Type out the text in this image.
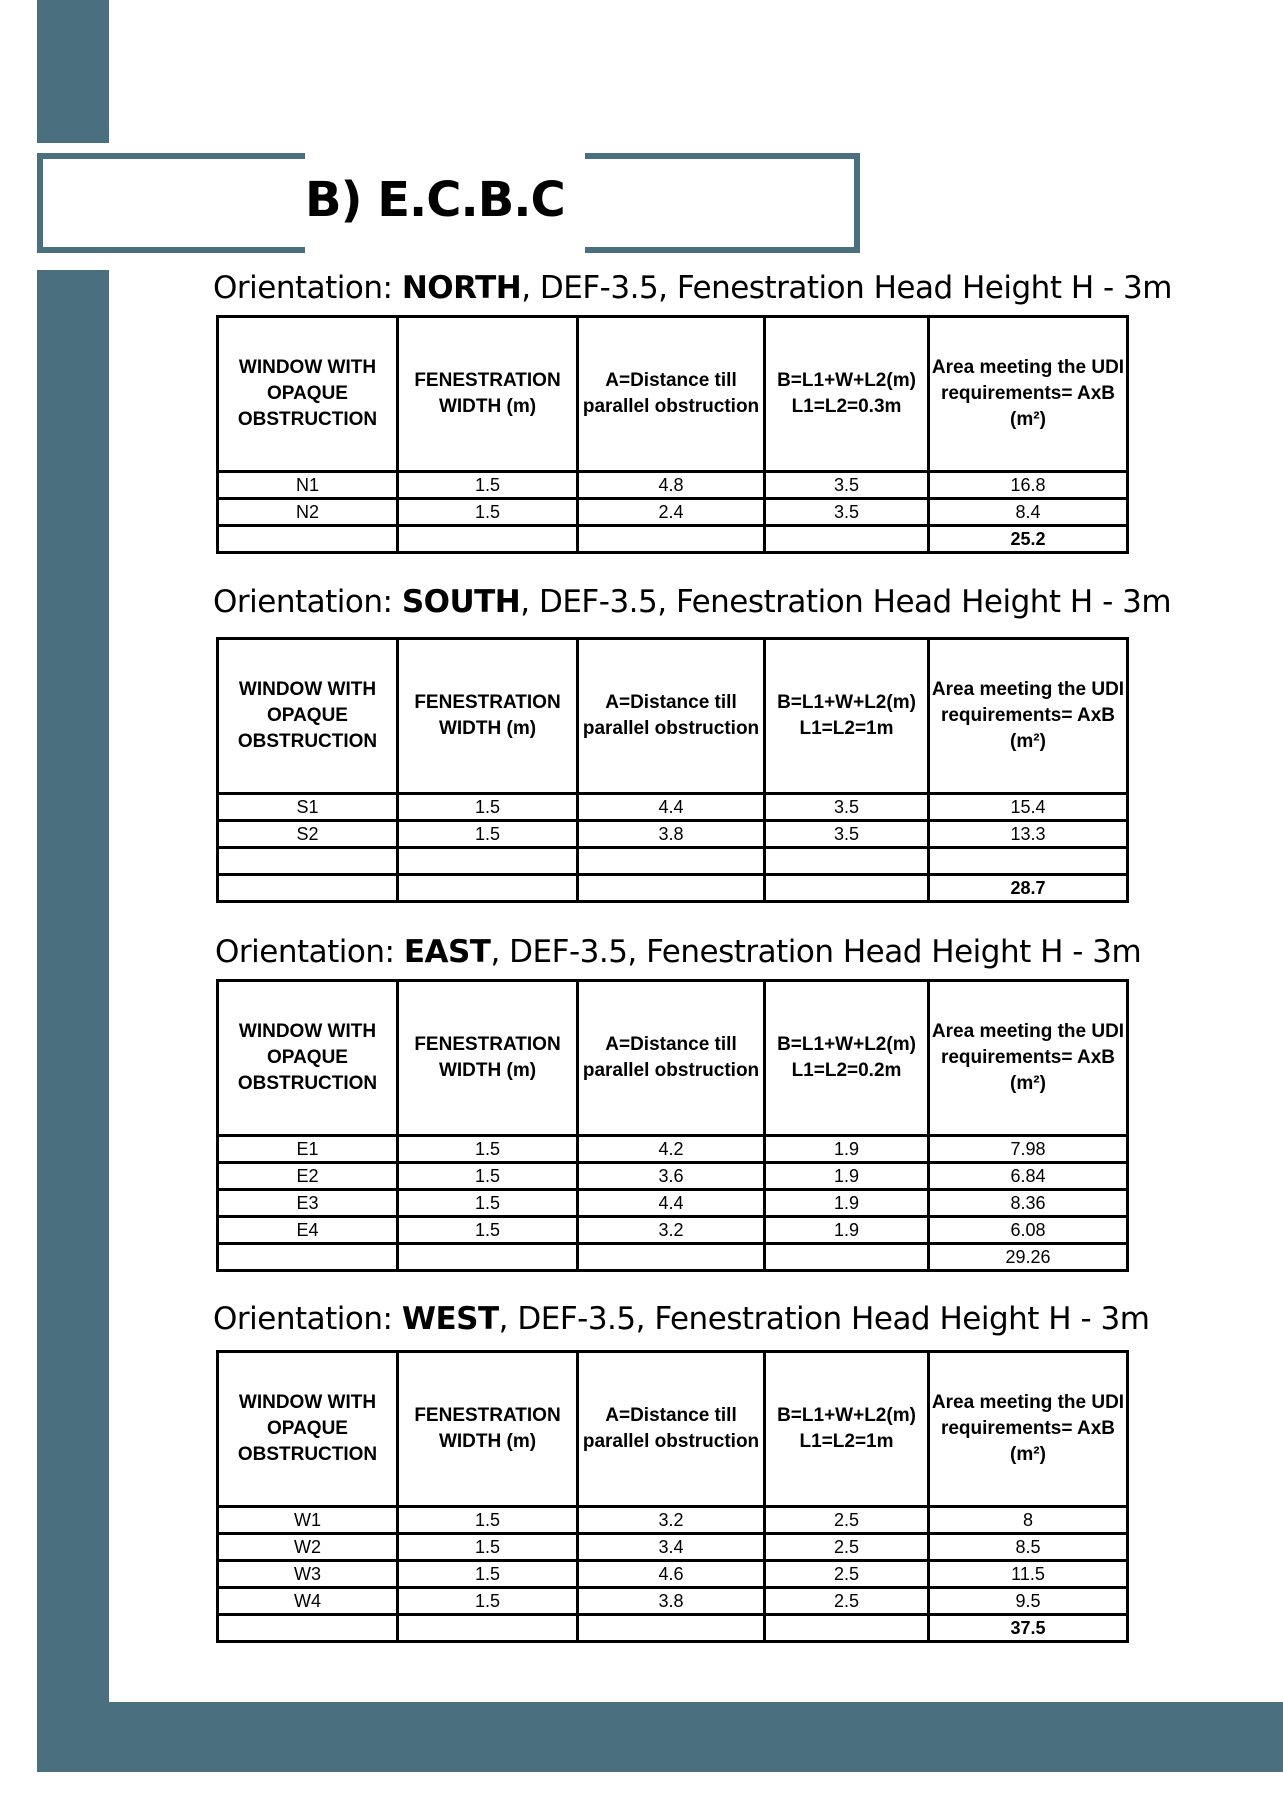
B) E.C.B.C
Orientation: NORTH, DEF-3.5, Fenestration Head Height H - 3m
WINDOW WITH OPAQUE OBSTRUCTION	FENESTRATION WIDTH (m)	A=Distance till parallel obstruction	B=L1+W+L2(m) L1=L2=0.3m	Area meeting the UDI requirements= AxB (m²)
N1	1.5	4.8	3.5	16.8
N2	1.5	2.4	3.5	8.4
				25.2
Orientation: SOUTH, DEF-3.5, Fenestration Head Height H - 3m
WINDOW WITH OPAQUE OBSTRUCTION	FENESTRATION WIDTH (m)	A=Distance till parallel obstruction	B=L1+W+L2(m) L1=L2=1m	Area meeting the UDI requirements= AxB (m²)
S1	1.5	4.4	3.5	15.4
S2	1.5	3.8	3.5	13.3

				28.7
Orientation: EAST, DEF-3.5, Fenestration Head Height H - 3m
WINDOW WITH OPAQUE OBSTRUCTION	FENESTRATION WIDTH (m)	A=Distance till parallel obstruction	B=L1+W+L2(m) L1=L2=0.2m	Area meeting the UDI requirements= AxB (m²)
E1	1.5	4.2	1.9	7.98
E2	1.5	3.6	1.9	6.84
E3	1.5	4.4	1.9	8.36
E4	1.5	3.2	1.9	6.08
				29.26
Orientation: WEST, DEF-3.5, Fenestration Head Height H - 3m
WINDOW WITH OPAQUE OBSTRUCTION	FENESTRATION WIDTH (m)	A=Distance till parallel obstruction	B=L1+W+L2(m) L1=L2=1m	Area meeting the UDI requirements= AxB (m²)
W1	1.5	3.2	2.5	8
W2	1.5	3.4	2.5	8.5
W3	1.5	4.6	2.5	11.5
W4	1.5	3.8	2.5	9.5
				37.5
